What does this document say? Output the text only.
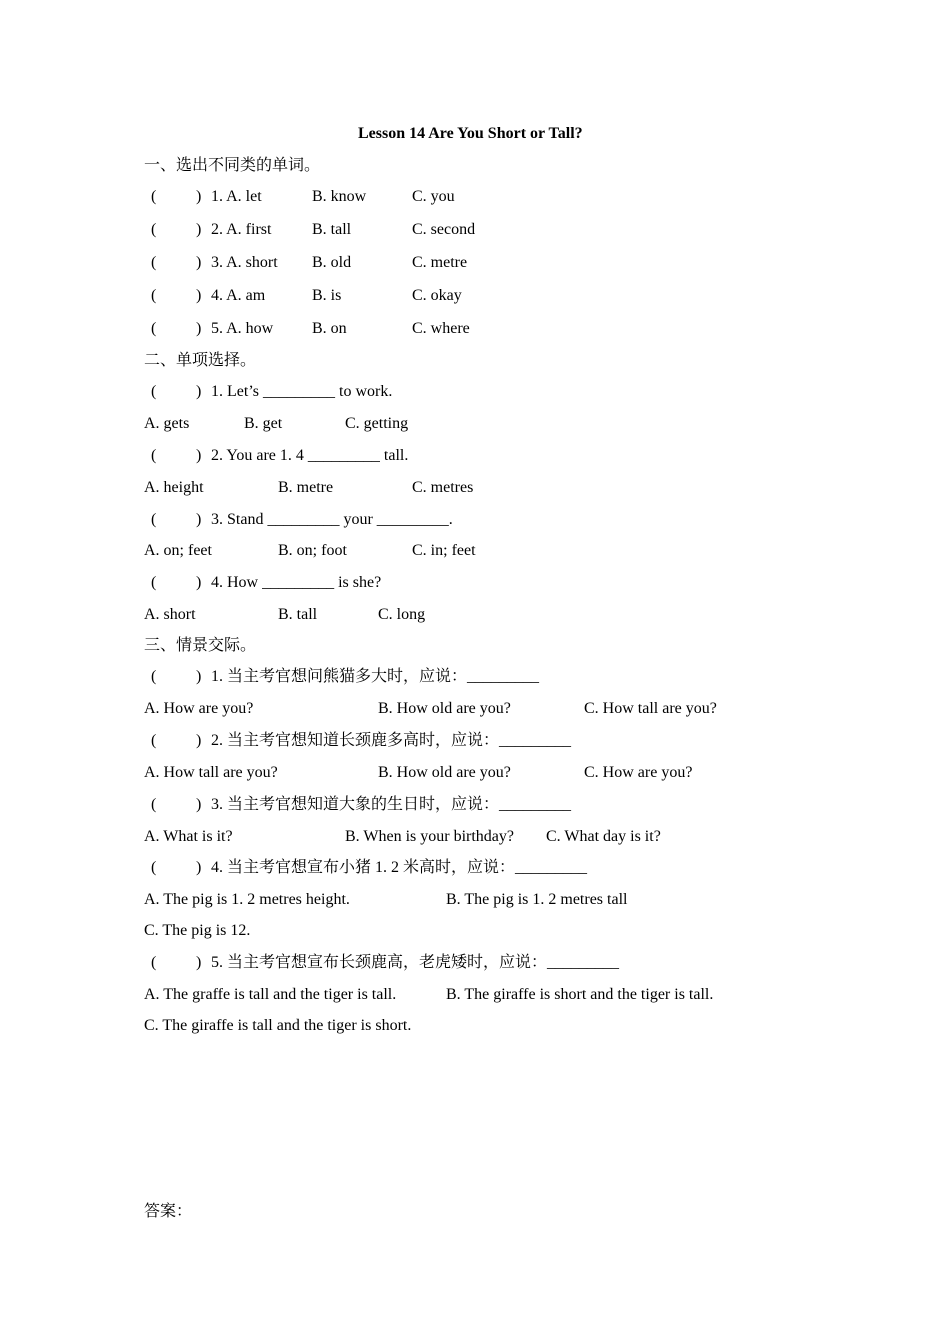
Lesson 14 Are You Short or Tall?
一、选出不同类的单词。
( ) 1. A. let	B. know	C. you
( ) 2. A. first	B. tall	C. second
( ) 3. A. short B. old	C. metre
( ) 4. A. am	B. is	C. okay
( ) 5. A. how B. on	C. where
二、单项选择。
( ) 1. Let’s _________ to work.
A. gets	B. get	C. getting
( ) 2. You are 1. 4 _________ tall.
A. height	B. metre	C. metres
( ) 3. Stand _________ your _________.
A. on; feet	B. on; foot	C. in; feet
( ) 4. How _________ is she?
A. short	B. tall	C. long
三、情景交际。
( ) 1. 当主考官想问熊猫多大时，应说：_________
A. How are you?	B. How old are you?	C. How tall are you?
( ) 2. 当主考官想知道长颈鹿多高时，应说：_________
A. How tall are you?	B. How old are you?	C. How are you?
( ) 3. 当主考官想知道大象的生日时，应说：_________
A. What is it?	B. When is your birthday? C. What day is it?
( ) 4. 当主考官想宣布小猪 1. 2 米高时，应说：_________
A. The pig is 1. 2 metres height.	B. The pig is 1. 2 metres tall
C. The pig is 12.
( ) 5. 当主考官想宣布长颈鹿高，老虎矮时，应说：_________
A. The graffe is tall and the tiger is tall.	B. The giraffe is short and the tiger is tall.
C. The giraffe is tall and the tiger is short.
答案：
